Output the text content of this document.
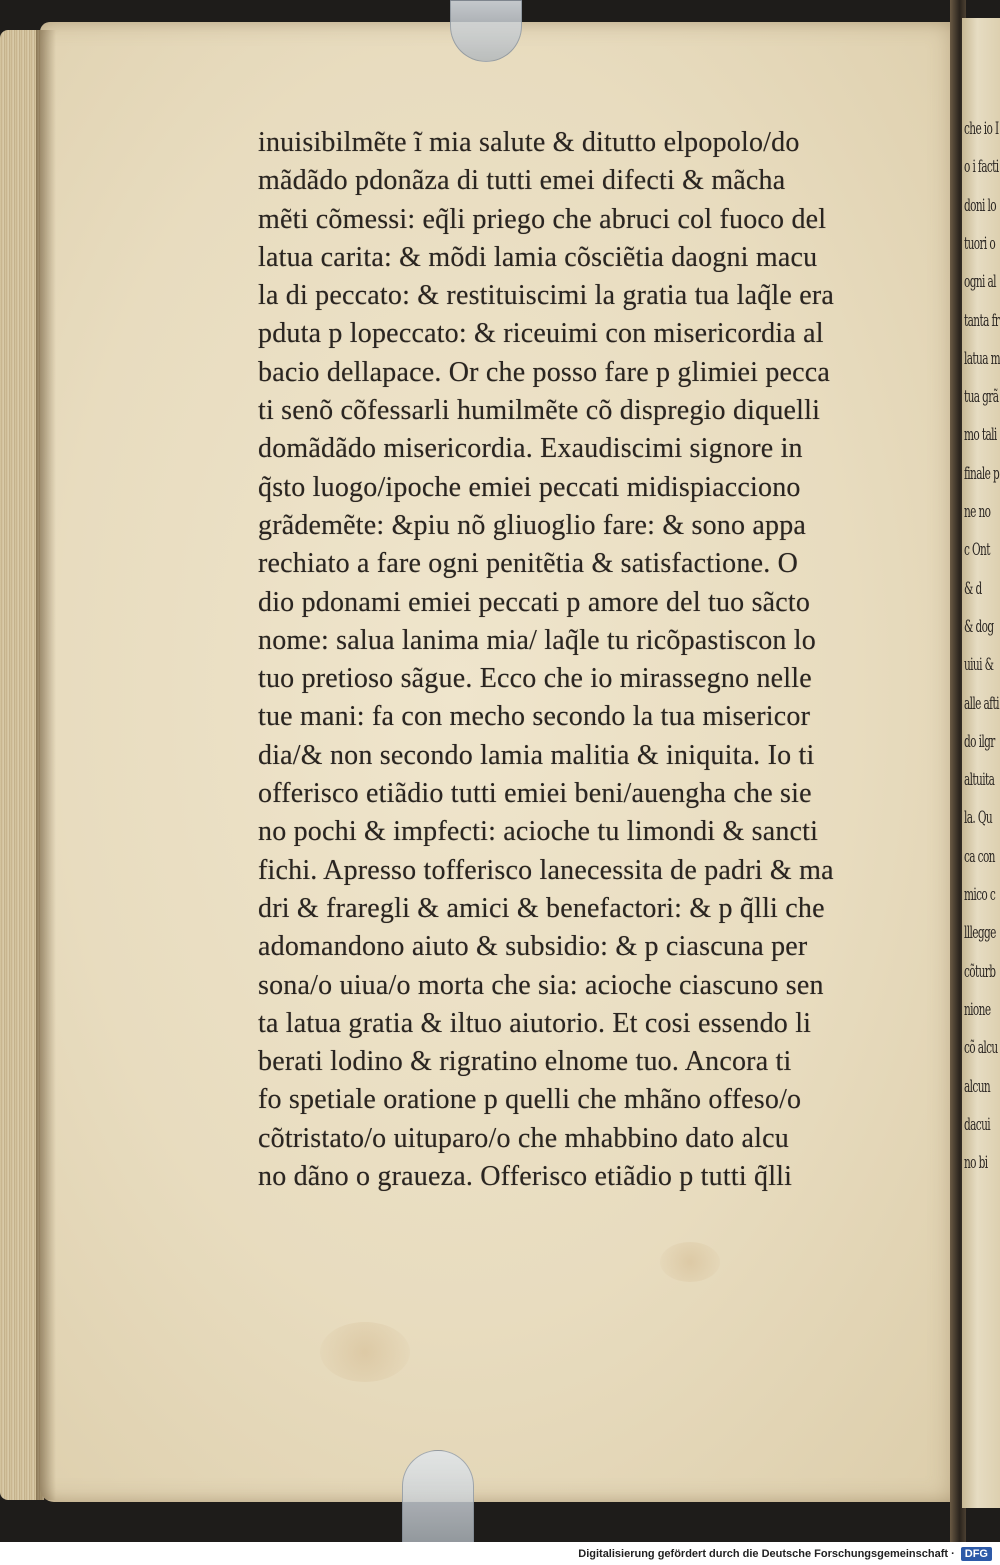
che io I
o i facti
doni lo
tuori o
ogni al
tanta fr
latua m
tua grã
mo tali
finale p
ne no
c Ont
& d
& dog
uiui &
alle afti
do ilgr
altuita
la. Qu
ca con
mico c
lllegge
cõturb
nione
cõ alcu
alcun
dacui
no bi
inuisibilmẽte ĩ mia salute & ditutto elpopolo/do
mãdãdo pdonãza di tutti emei difecti & mãcha
mẽti cõmessi: eq̃li priego che abruci col fuoco del
latua carita: & mõdi lamia cõsciẽtia daogni macu
la di peccato: & restituiscimi la gratia tua laq̃le era
pduta p lopeccato: & riceuimi con misericordia al
bacio dellapace. Or che posso fare p glimiei pecca
ti senõ cõfessarli humilmẽte cõ dispregio diquelli
domãdãdo misericordia. Exaudiscimi signore in
q̃sto luogo/ipoche emiei peccati midispiacciono
grãdemẽte: &piu nõ gliuoglio fare: & sono appa
rechiato a fare ogni penitẽtia & satisfactione. O
dio pdonami emiei peccati p amore del tuo sãcto
nome: salua lanima mia/ laq̃le tu ricõpastiscon lo
tuo pretioso sãgue. Ecco che io mirassegno nelle
tue mani: fa con mecho secondo la tua misericor
dia/& non secondo lamia malitia & iniquita. Io ti
offerisco etiãdio tutti emiei beni/auengha che sie
no pochi & impfecti: acioche tu limondi & sancti
fichi. Apresso tofferisco lanecessita de padri & ma
dri & fraregli & amici & benefactori: & p q̃lli che
adomandono aiuto & subsidio: & p ciascuna per
sona/o uiua/o morta che sia: acioche ciascuno sen
ta latua gratia & iltuo aiutorio. Et cosi essendo li
berati lodino & rigratino elnome tuo. Ancora ti
fo spetiale oratione p quelli che mhãno offeso/o
cõtristato/o uituparo/o che mhabbino dato alcu
no dãno o graueza. Offerisco etiãdio p tutti q̃lli
Digitalisierung gefördert durch die Deutsche Forschungsgemeinschaft · DFG
